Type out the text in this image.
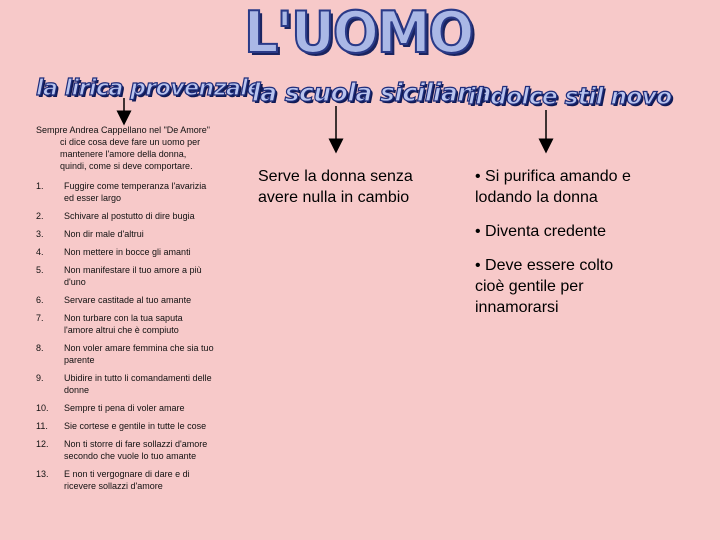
L'UOMO
la lirica provenzale
la scuola siciliana
il dolce stil novo

Sempre Andrea Cappellano nel "De Amore" ci dice cosa deve fare un uomo per mantenere l'amore della donna, quindi, come si deve comportare.

1.	Fuggire come temperanza l'avarizia ed esser largo
2.	Schivare al postutto di dire bugia
3.	Non dir male d'altrui
4.	Non mettere in bocce gli amanti
5.	Non manifestare il tuo amore a più d'uno
6.	Servare castitade al tuo amante
7.	Non turbare con la tua saputa l'amore altrui che è compiuto
8.	Non voler amare femmina che sia tuo parente
9.	Ubidire in tutto li comandamenti delle donne
10.	Sempre ti pena di voler amare
11.	Sie cortese e gentile in tutte le cose
12.	Non ti storre di fare sollazzi d'amore secondo che vuole lo tuo amante
13.	E non ti vergognare di dare e di ricevere sollazzi d'amore
Serve la donna senza avere nulla in cambio

• Si purifica amando e lodando la donna

• Diventa credente

• Deve essere colto cioè gentile per innamorarsi
